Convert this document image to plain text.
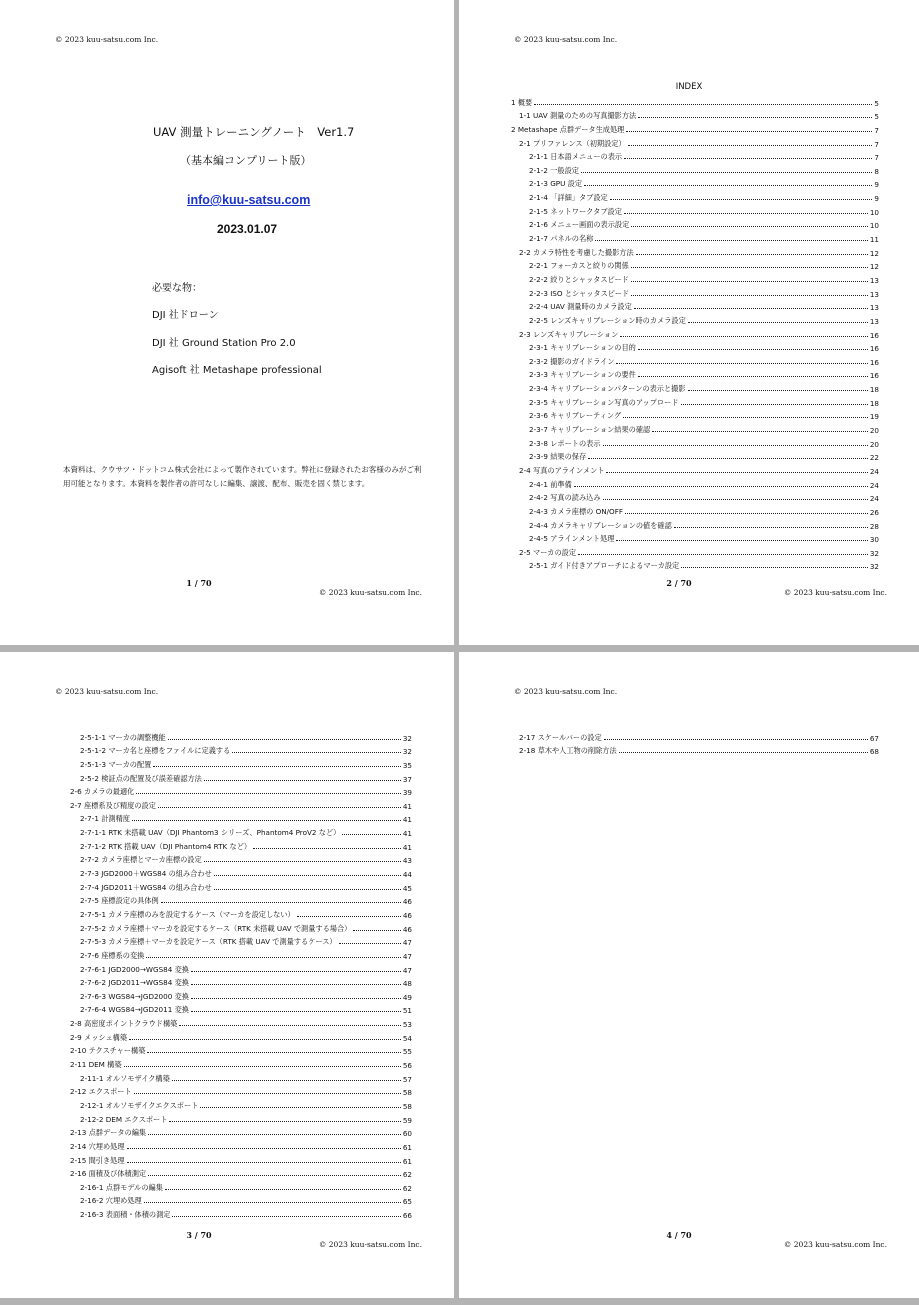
© 2023 kuu-satsu.com Inc.
UAV 測量トレーニングノート　Ver1.7
（基本編コンプリート版）
info@kuu-satsu.com
2023.01.07
必要な物：
DJI 社ドローン
DJI 社 Ground Station Pro 2.0
Agisoft 社 Metashape professional
本資料は、クウサツ・ドットコム株式会社によって製作されています。弊社に登録されたお客様のみがご利用可能となります。本資料を製作者の許可なしに編集、譲渡、配布、販売を固く禁じます。
1 / 70
© 2023 kuu-satsu.com Inc.
© 2023 kuu-satsu.com Inc.
INDEX
1 概要	5
1-1 UAV 測量のための写真撮影方法	5
2 Metashape 点群データ生成処理	7
2-1 プリファレンス（初期設定）	7
2-1-1 日本語メニューの表示	7
2-1-2 一般設定	8
2-1-3 GPU 設定	9
2-1-4 「詳細」タブ設定	9
2-1-5 ネットワークタブ設定	10
2-1-6 メニュー画面の表示設定	10
2-1-7 パネルの名称	11
2-2 カメラ特性を考慮した撮影方法	12
2-2-1 フォーカスと絞りの関係	12
2-2-2 絞りとシャッタスピード	13
2-2-3 ISO とシャッタスピード	13
2-2-4 UAV 測量時のカメラ設定	13
2-2-5 レンズキャリブレーション時のカメラ設定	13
2-3 レンズキャリブレーション	16
2-3-1 キャリブレーションの目的	16
2-3-2 撮影のガイドライン	16
2-3-3 キャリブレーションの要件	16
2-3-4 キャリブレーションパターンの表示と撮影	18
2-3-5 キャリブレーション写真のアップロード	18
2-3-6 キャリブレーティング	19
2-3-7 キャリブレーション結果の確認	20
2-3-8 レポートの表示	20
2-3-9 結果の保存	22
2-4 写真のアラインメント	24
2-4-1 前準備	24
2-4-2 写真の読み込み	24
2-4-3 カメラ座標の ON/OFF	26
2-4-4 カメラキャリブレーションの値を確認	28
2-4-5 アラインメント処理	30
2-5 マーカの設定	32
2-5-1 ガイド付きアプローチによるマーカ設定	32
2 / 70
© 2023 kuu-satsu.com Inc.
© 2023 kuu-satsu.com Inc.
2-5-1-1 マーカの調整機能	32
2-5-1-2 マーカ名と座標をファイルに定義する	32
2-5-1-3 マーカの配置	35
2-5-2 検証点の配置及び誤差確認方法	37
2-6 カメラの最適化	39
2-7 座標系及び精度の設定	41
2-7-1 計測精度	41
2-7-1-1 RTK 未搭載 UAV（DJI Phantom3 シリーズ、Phantom4 ProV2 など）	41
2-7-1-2 RTK 搭載 UAV（DJI Phantom4 RTK など）	41
2-7-2 カメラ座標とマーカ座標の設定	43
2-7-3 JGD2000＋WGS84 の組み合わせ	44
2-7-4 JGD2011＋WGS84 の組み合わせ	45
2-7-5 座標設定の具体例	46
2-7-5-1 カメラ座標のみを設定するケース（マーカを設定しない）	46
2-7-5-2 カメラ座標＋マーカを設定するケース（RTK 未搭載 UAV で測量する場合）	46
2-7-5-3 カメラ座標＋マーカを設定ケース（RTK 搭載 UAV で測量するケース）	47
2-7-6 座標系の変換	47
2-7-6-1 JGD2000→WGS84 変換	47
2-7-6-2 JGD2011→WGS84 変換	48
2-7-6-3 WGS84→JGD2000 変換	49
2-7-6-4 WGS84→JGD2011 変換	51
2-8 高密度ポイントクラウド構築	53
2-9 メッシュ構築	54
2-10 テクスチャー構築	55
2-11 DEM 構築	56
2-11-1 オルソモザイク構築	57
2-12 エクスポート	58
2-12-1 オルソモザイクエクスポート	58
2-12-2 DEM エクスポート	59
2-13 点群データの編集	60
2-14 穴埋め処理	61
2-15 間引き処理	61
2-16 面積及び体積測定	62
2-16-1 点群モデルの編集	62
2-16-2 穴埋め処理	65
2-16-3 表面積・体積の測定	66
3 / 70
© 2023 kuu-satsu.com Inc.
© 2023 kuu-satsu.com Inc.
2-17 スケールバーの設定	67
2-18 草木や人工物の削除方法	68
4 / 70
© 2023 kuu-satsu.com Inc.
